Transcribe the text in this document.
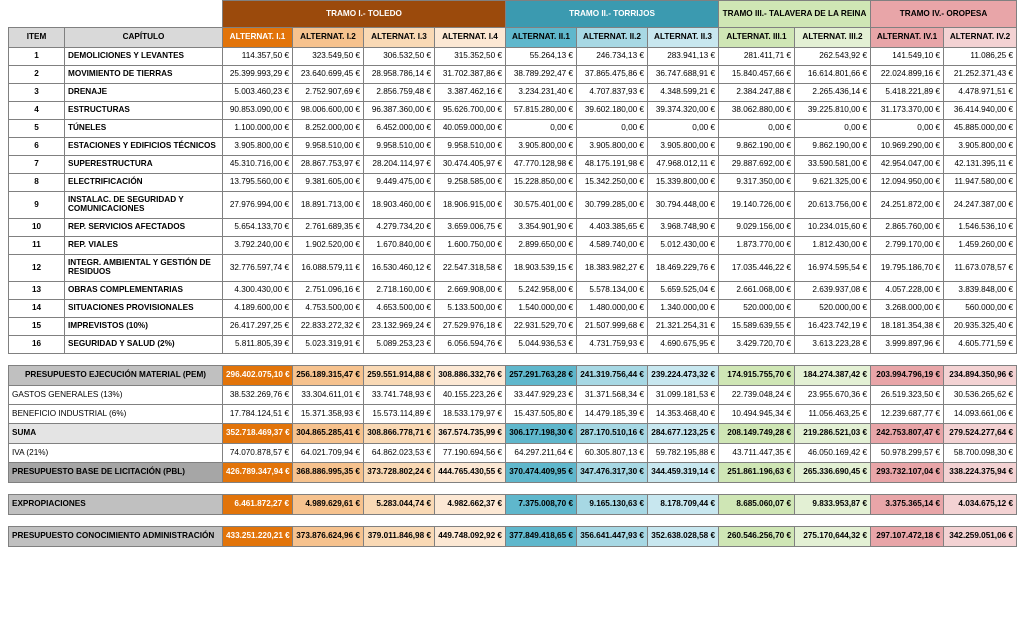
		TRAMO I.- TOLEDO				TRAMO II.- TORRIJOS			TRAMO III.- TALAVERA DE LA REINA		TRAMO IV.- OROPESA	
ITEM	CAPÍTULO	ALTERNAT. I.1	ALTERNAT. I.2	ALTERNAT. I.3	ALTERNAT. I.4	ALTERNAT. II.1	ALTERNAT. II.2	ALTERNAT. II.3	ALTERNAT. III.1	ALTERNAT. III.2	ALTERNAT. IV.1	ALTERNAT. IV.2
1	DEMOLICIONES Y LEVANTES	114.357,50 €	323.549,50 €	306.532,50 €	315.352,50 €	55.264,13 €	246.734,13 €	283.941,13 €	281.411,71 €	262.543,92 €	141.549,10 €	11.086,25 €
2	MOVIMIENTO DE TIERRAS	25.399.993,29 €	23.640.699,45 €	28.958.786,14 €	31.702.387,86 €	38.789.292,47 €	37.865.475,86 €	36.747.688,91 €	15.840.457,66 €	16.614.801,66 €	22.024.899,16 €	21.252.371,43 €
3	DRENAJE	5.003.460,23 €	2.752.907,69 €	2.856.759,48 €	3.387.462,16 €	3.234.231,40 €	4.707.837,93 €	4.348.599,21 €	2.384.247,88 €	2.265.436,14 €	5.418.221,89 €	4.478.971,51 €
4	ESTRUCTURAS	90.853.090,00 €	98.006.600,00 €	96.387.360,00 €	95.626.700,00 €	57.815.280,00 €	39.602.180,00 €	39.374.320,00 €	38.062.880,00 €	39.225.810,00 €	31.173.370,00 €	36.414.940,00 €
5	TÚNELES	1.100.000,00 €	8.252.000,00 €	6.452.000,00 €	40.059.000,00 €	0,00 €	0,00 €	0,00 €	0,00 €	0,00 €	0,00 €	45.885.000,00 €
6	ESTACIONES Y EDIFICIOS TÉCNICOS	3.905.800,00 €	9.958.510,00 €	9.958.510,00 €	9.958.510,00 €	3.905.800,00 €	3.905.800,00 €	3.905.800,00 €	9.862.190,00 €	9.862.190,00 €	10.969.290,00 €	3.905.800,00 €
7	SUPERESTRUCTURA	45.310.716,00 €	28.867.753,97 €	28.204.114,97 €	30.474.405,97 €	47.770.128,98 €	48.175.191,98 €	47.968.012,11 €	29.887.692,00 €	33.590.581,00 €	42.954.047,00 €	42.131.395,11 €
8	ELECTRIFICACIÓN	13.795.560,00 €	9.381.605,00 €	9.449.475,00 €	9.258.585,00 €	15.228.850,00 €	15.342.250,00 €	15.339.800,00 €	9.317.350,00 €	9.621.325,00 €	12.094.950,00 €	11.947.580,00 €
9	INSTALAC. DE SEGURIDAD Y COMUNICACIONES	27.976.994,00 €	18.891.713,00 €	18.903.460,00 €	18.906.915,00 €	30.575.401,00 €	30.799.285,00 €	30.794.448,00 €	19.140.726,00 €	20.613.756,00 €	24.251.872,00 €	24.247.387,00 €
10	REP. SERVICIOS AFECTADOS	5.654.133,70 €	2.761.689,35 €	4.279.734,20 €	3.659.006,75 €	3.354.901,90 €	4.403.385,65 €	3.968.748,90 €	9.029.156,00 €	10.234.015,60 €	2.865.760,00 €	1.546.536,10 €
11	REP. VIALES	3.792.240,00 €	1.902.520,00 €	1.670.840,00 €	1.600.750,00 €	2.899.650,00 €	4.589.740,00 €	5.012.430,00 €	1.873.770,00 €	1.812.430,00 €	2.799.170,00 €	1.459.260,00 €
12	INTEGR. AMBIENTAL Y GESTIÓN DE RESIDUOS	32.776.597,74 €	16.088.579,11 €	16.530.460,12 €	22.547.318,58 €	18.903.539,15 €	18.383.982,27 €	18.469.229,76 €	17.035.446,22 €	16.974.595,54 €	19.795.186,70 €	11.673.078,57 €
13	OBRAS COMPLEMENTARIAS	4.300.430,00 €	2.751.096,16 €	2.718.160,00 €	2.669.908,00 €	5.242.958,00 €	5.578.134,00 €	5.659.525,04 €	2.661.068,00 €	2.639.937,08 €	4.057.228,00 €	3.839.848,00 €
14	SITUACIONES PROVISIONALES	4.189.600,00 €	4.753.500,00 €	4.653.500,00 €	5.133.500,00 €	1.540.000,00 €	1.480.000,00 €	1.340.000,00 €	520.000,00 €	520.000,00 €	3.268.000,00 €	560.000,00 €
15	IMPREVISTOS (10%)	26.417.297,25 €	22.833.272,32 €	23.132.969,24 €	27.529.976,18 €	22.931.529,70 €	21.507.999,68 €	21.321.254,31 €	15.589.639,55 €	16.423.742,19 €	18.181.354,38 €	20.935.325,40 €
16	SEGURIDAD Y SALUD (2%)	5.811.805,39 €	5.023.319,91 €	5.089.253,23 €	6.056.594,76 €	5.044.936,53 €	4.731.759,93 €	4.690.675,95 €	3.429.720,70 €	3.613.223,28 €	3.999.897,96 €	4.605.771,59 €

PRESUPUESTO EJECUCIÓN MATERIAL (PEM)		296.402.075,10 €	256.189.315,47 €	259.551.914,88 €	308.886.332,76 €	257.291.763,28 €	241.319.756,44 €	239.224.473,32 €	174.915.755,70 €	184.274.387,42 €	203.994.796,19 €	234.894.350,96 €
GASTOS GENERALES (13%)		38.532.269,76 €	33.304.611,01 €	33.741.748,93 €	40.155.223,26 €	33.447.929,23 €	31.371.568,34 €	31.099.181,53 €	22.739.048,24 €	23.955.670,36 €	26.519.323,50 €	30.536.265,62 €
BENEFICIO INDUSTRIAL (6%)		17.784.124,51 €	15.371.358,93 €	15.573.114,89 €	18.533.179,97 €	15.437.505,80 €	14.479.185,39 €	14.353.468,40 €	10.494.945,34 €	11.056.463,25 €	12.239.687,77 €	14.093.661,06 €
SUMA		352.718.469,37 €	304.865.285,41 €	308.866.778,71 €	367.574.735,99 €	306.177.198,30 €	287.170.510,16 €	284.677.123,25 €	208.149.749,28 €	219.286.521,03 €	242.753.807,47 €	279.524.277,64 €
IVA (21%)		74.070.878,57 €	64.021.709,94 €	64.862.023,53 €	77.190.694,56 €	64.297.211,64 €	60.305.807,13 €	59.782.195,88 €	43.711.447,35 €	46.050.169,42 €	50.978.299,57 €	58.700.098,30 €
PRESUPUESTO BASE DE LICITACIÓN (PBL)		426.789.347,94 €	368.886.995,35 €	373.728.802,24 €	444.765.430,55 €	370.474.409,95 €	347.476.317,30 €	344.459.319,14 €	251.861.196,63 €	265.336.690,45 €	293.732.107,04 €	338.224.375,94 €

EXPROPIACIONES		6.461.872,27 €	4.989.629,61 €	5.283.044,74 €	4.982.662,37 €	7.375.008,70 €	9.165.130,63 €	8.178.709,44 €	8.685.060,07 €	9.833.953,87 €	3.375.365,14 €	4.034.675,12 €

PRESUPUESTO CONOCIMIENTO ADMINISTRACIÓN		433.251.220,21 €	373.876.624,96 €	379.011.846,98 €	449.748.092,92 €	377.849.418,65 €	356.641.447,93 €	352.638.028,58 €	260.546.256,70 €	275.170,644,32 €	297.107.472,18 €	342.259.051,06 €
